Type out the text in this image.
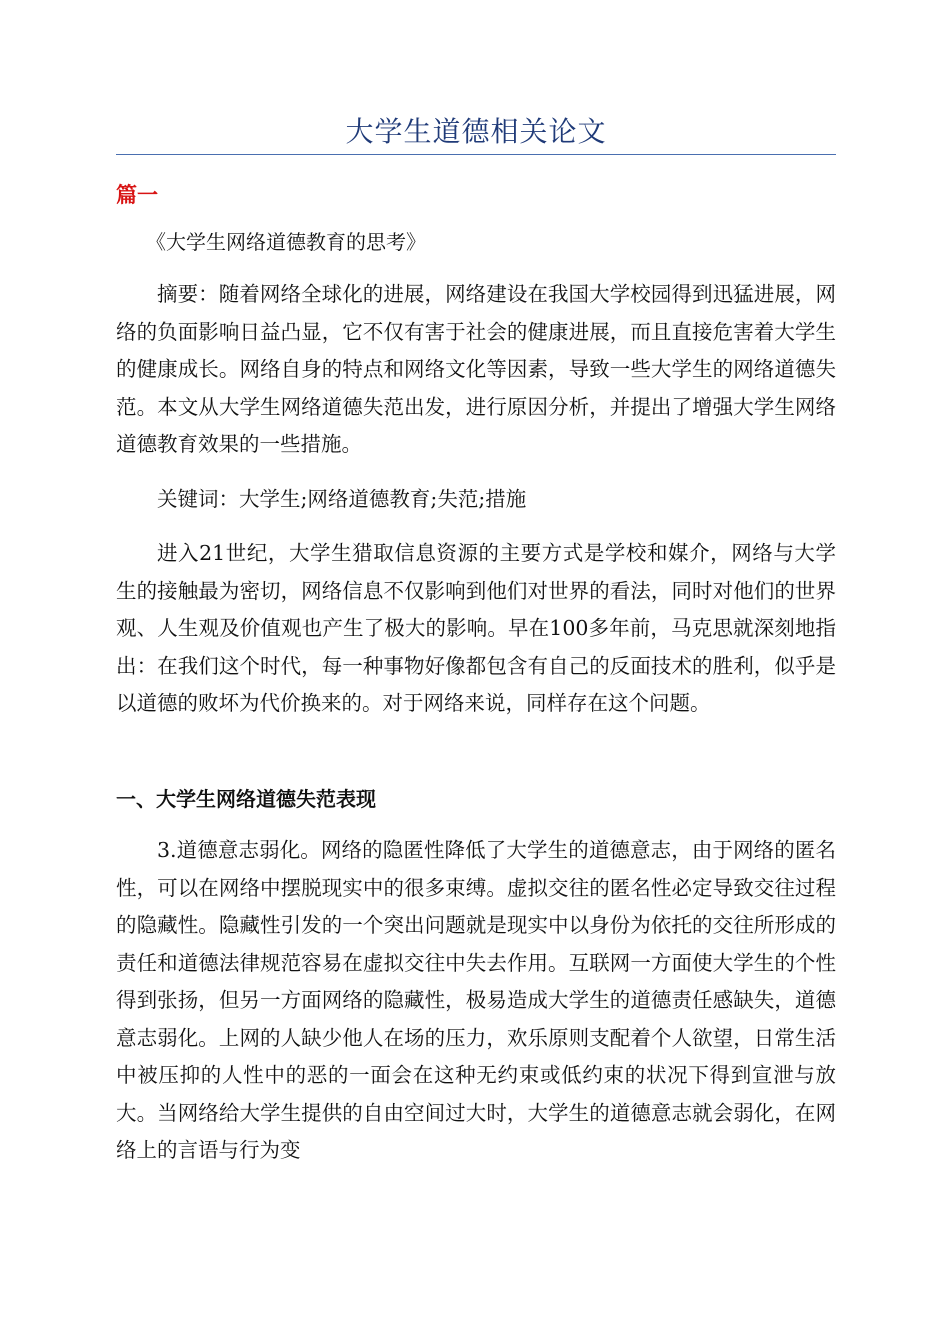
大学生道德相关论文
篇一
《大学生网络道德教育的思考》

摘要：随着网络全球化的进展，网络建设在我国大学校园得到迅猛进展，网络的负面影响日益凸显，它不仅有害于社会的健康进展，而且直接危害着大学生的健康成长。网络自身的特点和网络文化等因素，导致一些大学生的网络道德失范。本文从大学生网络道德失范出发，进行原因分析，并提出了增强大学生网络道德教育效果的一些措施。

关键词：大学生;网络道德教育;失范;措施

进入21世纪，大学生猎取信息资源的主要方式是学校和媒介，网络与大学生的接触最为密切，网络信息不仅影响到他们对世界的看法，同时对他们的世界观、人生观及价值观也产生了极大的影响。早在100多年前，马克思就深刻地指出：在我们这个时代，每一种事物好像都包含有自己的反面技术的胜利，似乎是以道德的败坏为代价换来的。对于网络来说，同样存在这个问题。

一、大学生网络道德失范表现

3.道德意志弱化。网络的隐匿性降低了大学生的道德意志，由于网络的匿名性，可以在网络中摆脱现实中的很多束缚。虚拟交往的匿名性必定导致交往过程的隐藏性。隐藏性引发的一个突出问题就是现实中以身份为依托的交往所形成的责任和道德法律规范容易在虚拟交往中失去作用。互联网一方面使大学生的个性得到张扬，但另一方面网络的隐藏性，极易造成大学生的道德责任感缺失，道德意志弱化。上网的人缺少他人在场的压力，欢乐原则支配着个人欲望，日常生活中被压抑的人性中的恶的一面会在这种无约束或低约束的状况下得到宣泄与放大。当网络给大学生提供的自由空间过大时，大学生的道德意志就会弱化，在网络上的言语与行为变
